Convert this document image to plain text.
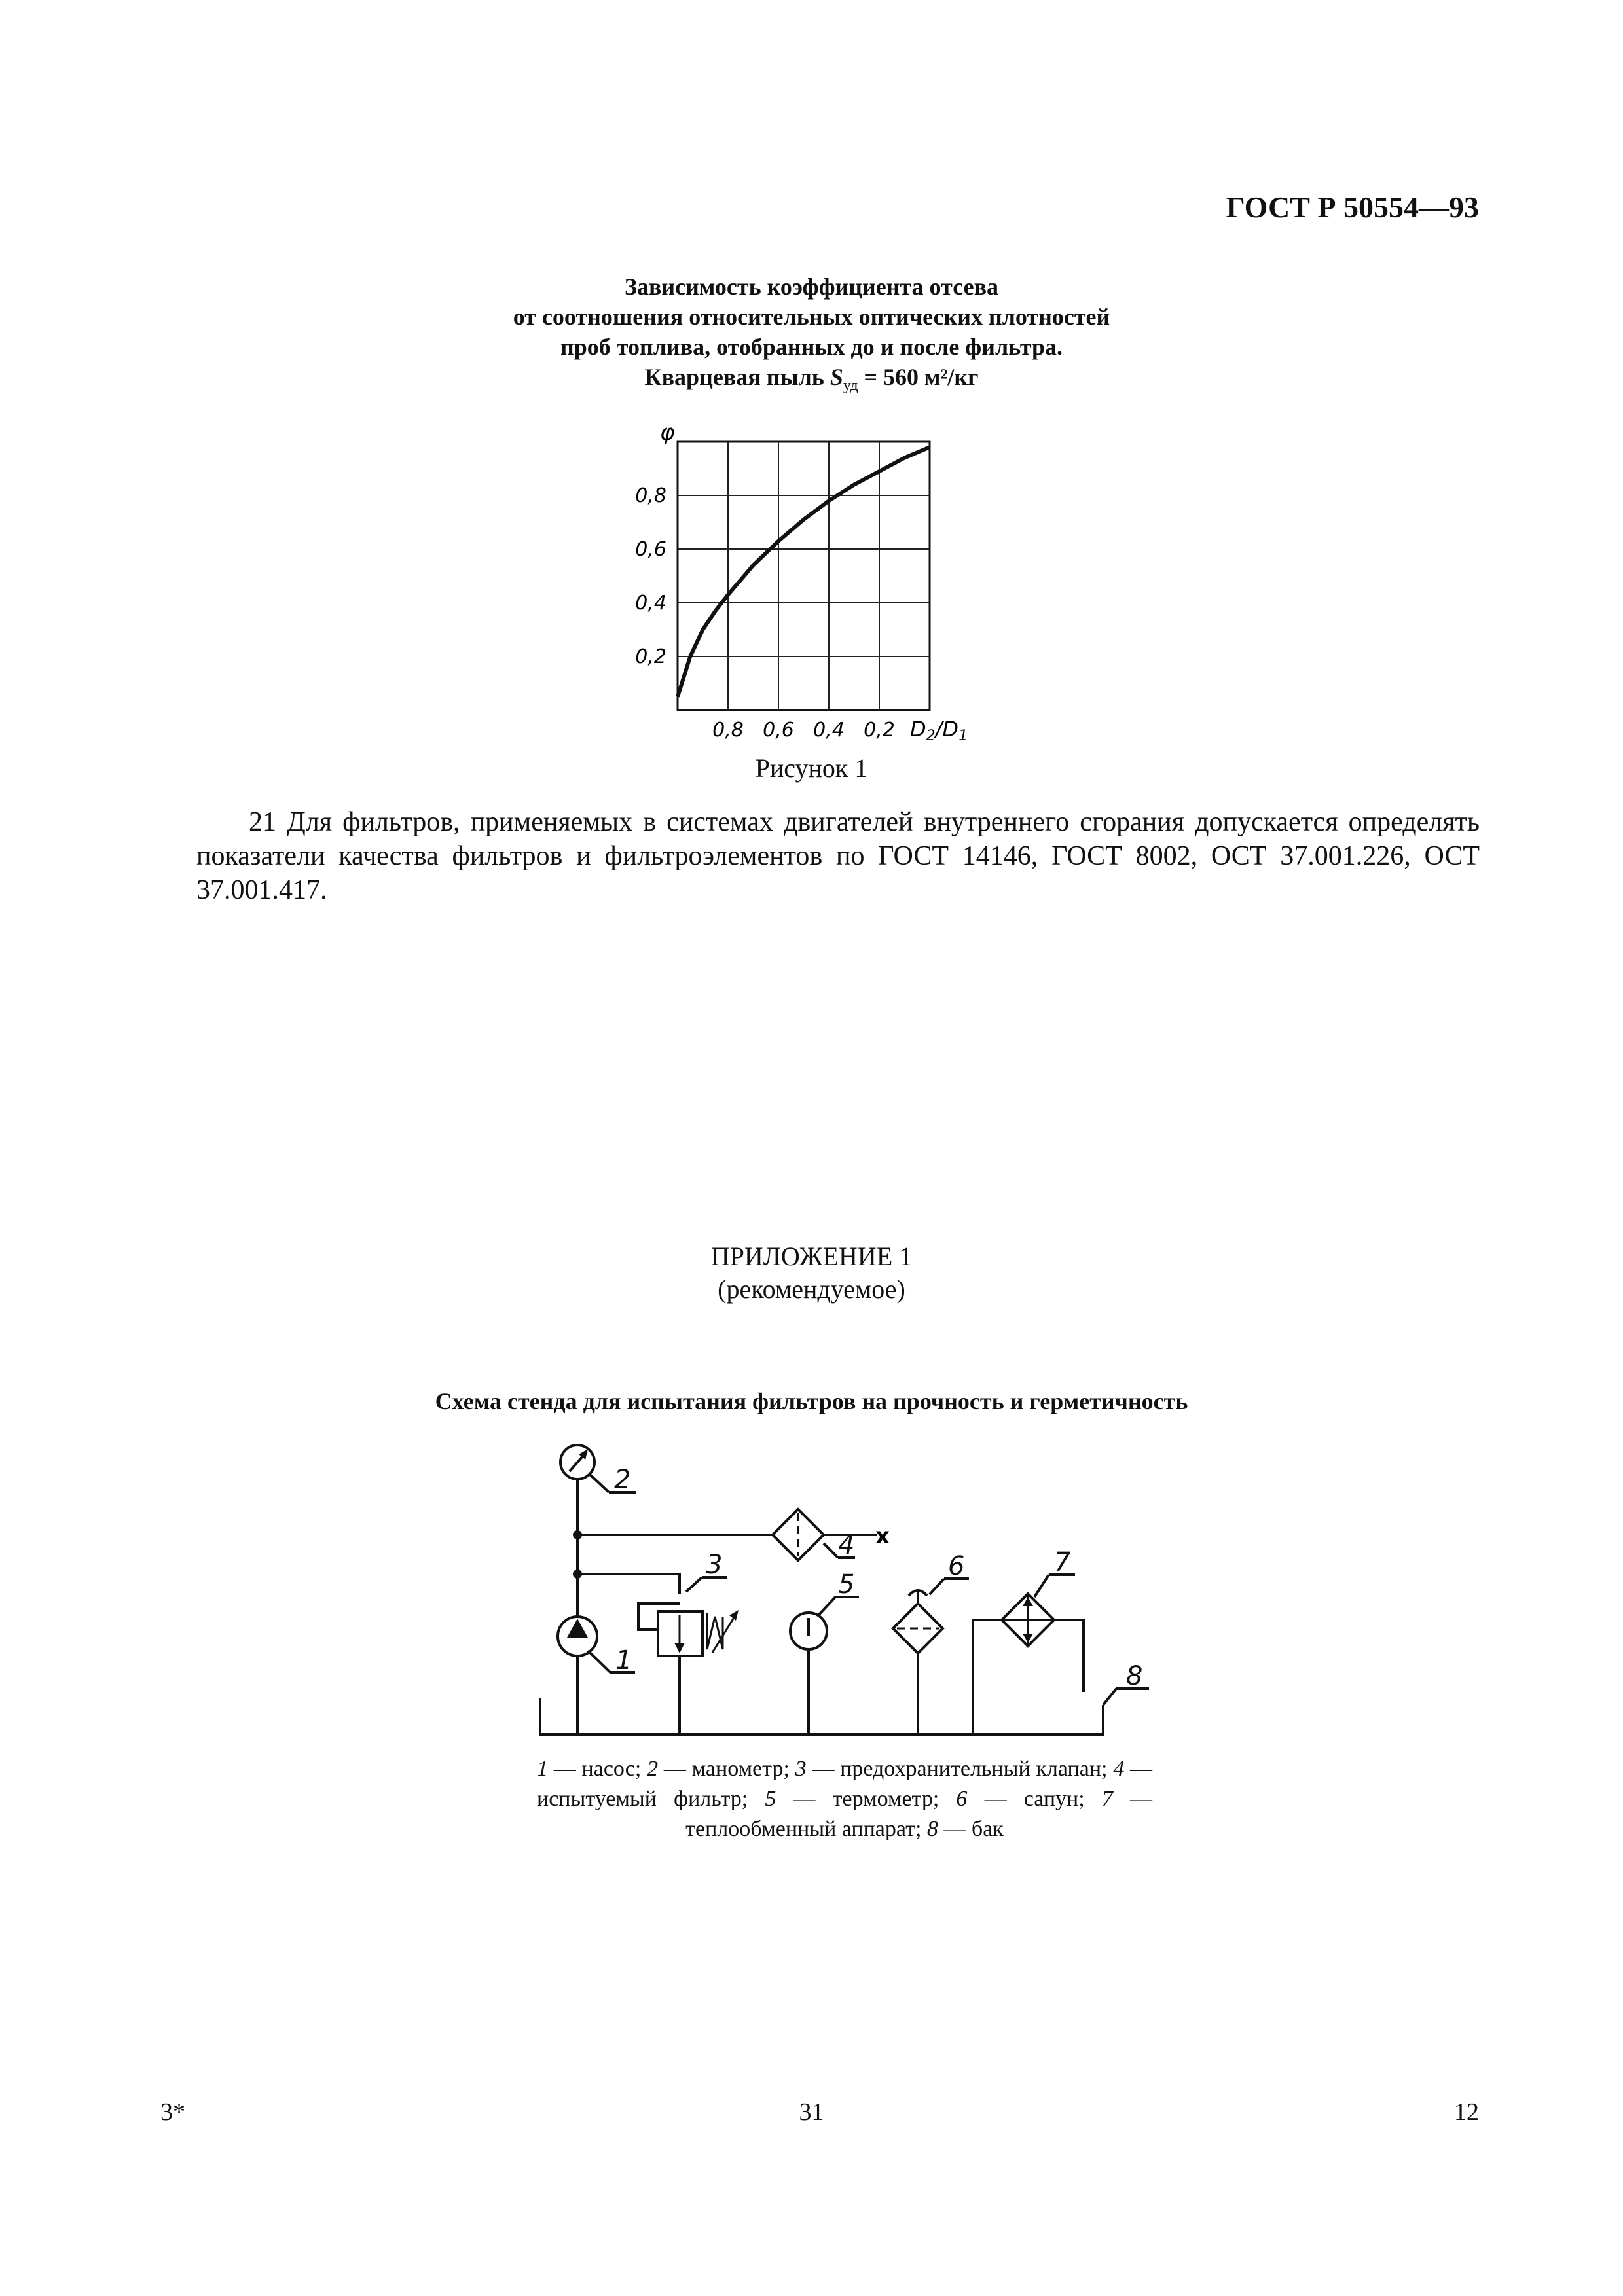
ГОСТ Р 50554—93
Зависимость коэффициента отсева
от соотношения относительных оптических плотностей
проб топлива, отобранных до и после фильтра.
Кварцевая пыль $S_{уд} = 560$ м²/кг
φ
0,2
0,4
0,6
0,8
0,8 0,6 0,4 0,2 D2/D1
Рисунок 1
21 Для фильтров, применяемых в системах двигателей внутреннего сгорания допускается определять показатели качества фильтров и фильтроэлементов по ГОСТ 14146, ГОСТ 8002, ОСТ 37.001.226, ОСТ 37.001.417.
ПРИЛОЖЕНИЕ 1
(рекомендуемое)
Схема стенда для испытания фильтров на прочность и герметичность
x
1
2
3
4
5
6	7
8
1 — насос; 2 — манометр; 3 — предохранительный клапан; 4 — испытуемый фильтр; 5 — термометр; 6 — сапун; 7 — теплообменный аппарат; 8 — бак
3*	31	12
